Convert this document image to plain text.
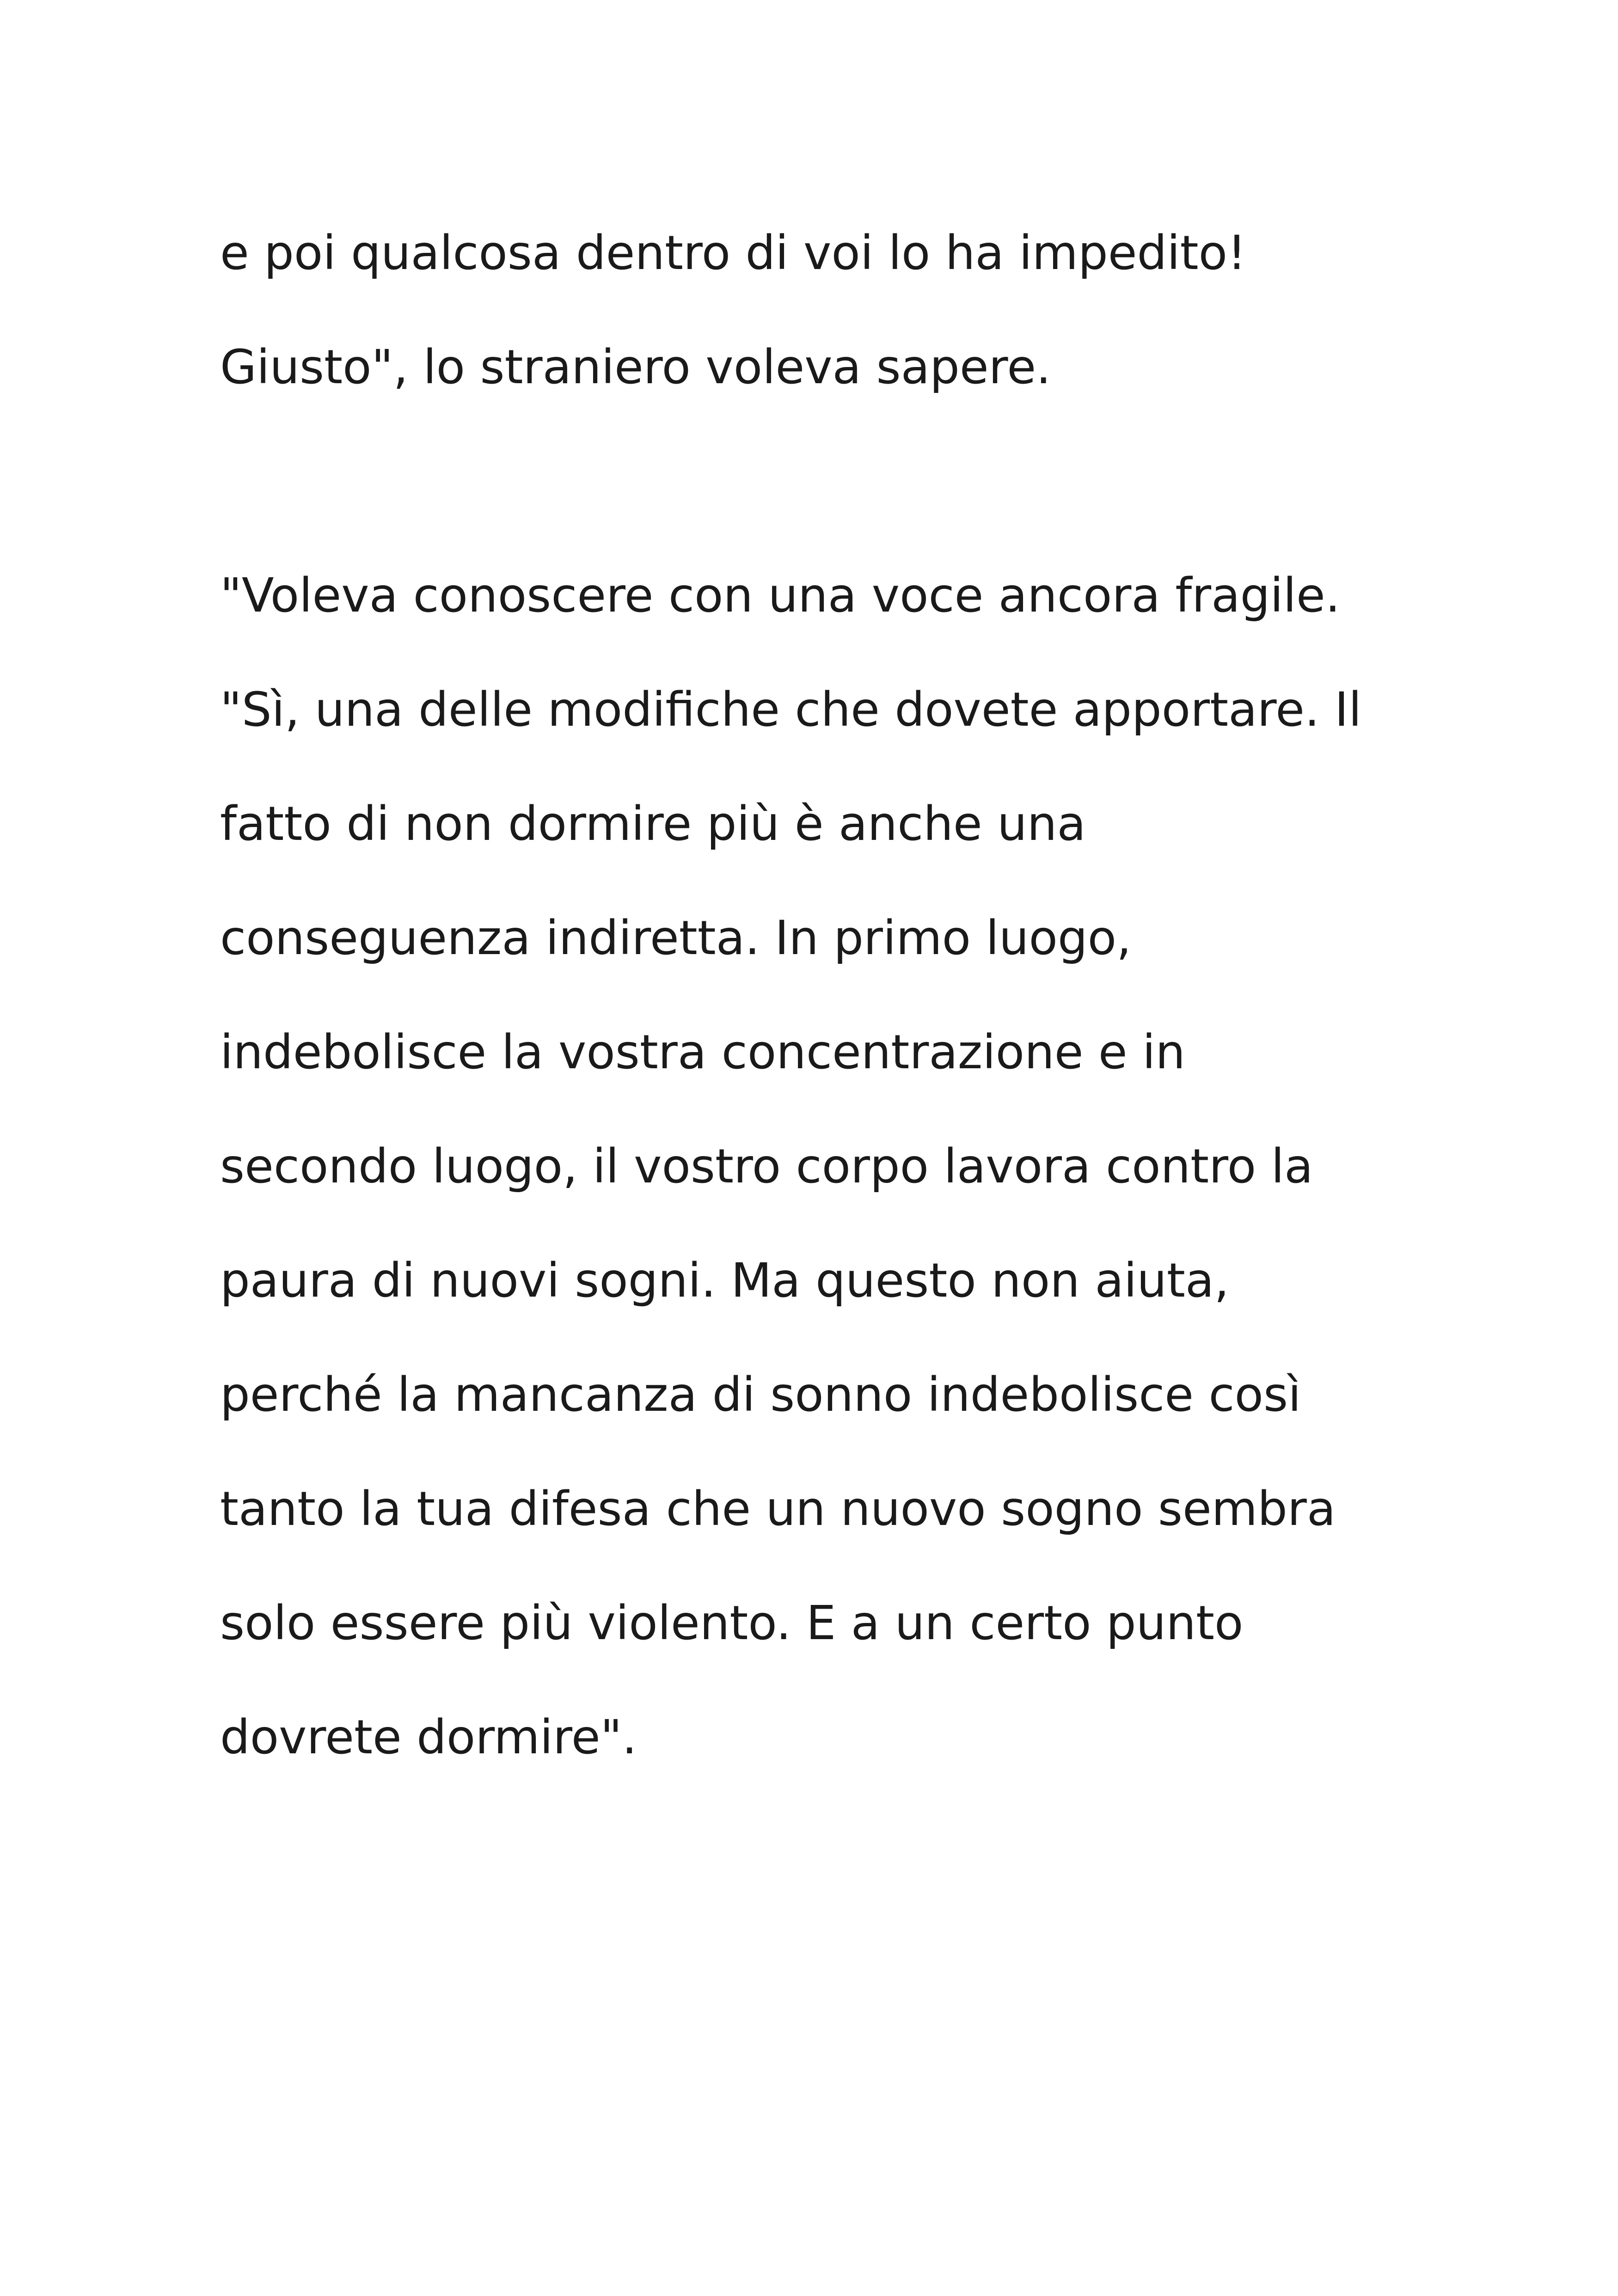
e poi qualcosa dentro di voi lo ha impedito!
Giusto", lo straniero voleva sapere.
"Voleva conoscere con una voce ancora fragile.
"Sì, una delle modifiche che dovete apportare. Il
fatto di non dormire più è anche una
conseguenza indiretta. In primo luogo,
indebolisce la vostra concentrazione e in
secondo luogo, il vostro corpo lavora contro la
paura di nuovi sogni. Ma questo non aiuta,
perché la mancanza di sonno indebolisce così
tanto la tua difesa che un nuovo sogno sembra
solo essere più violento. E a un certo punto
dovrete dormire".
